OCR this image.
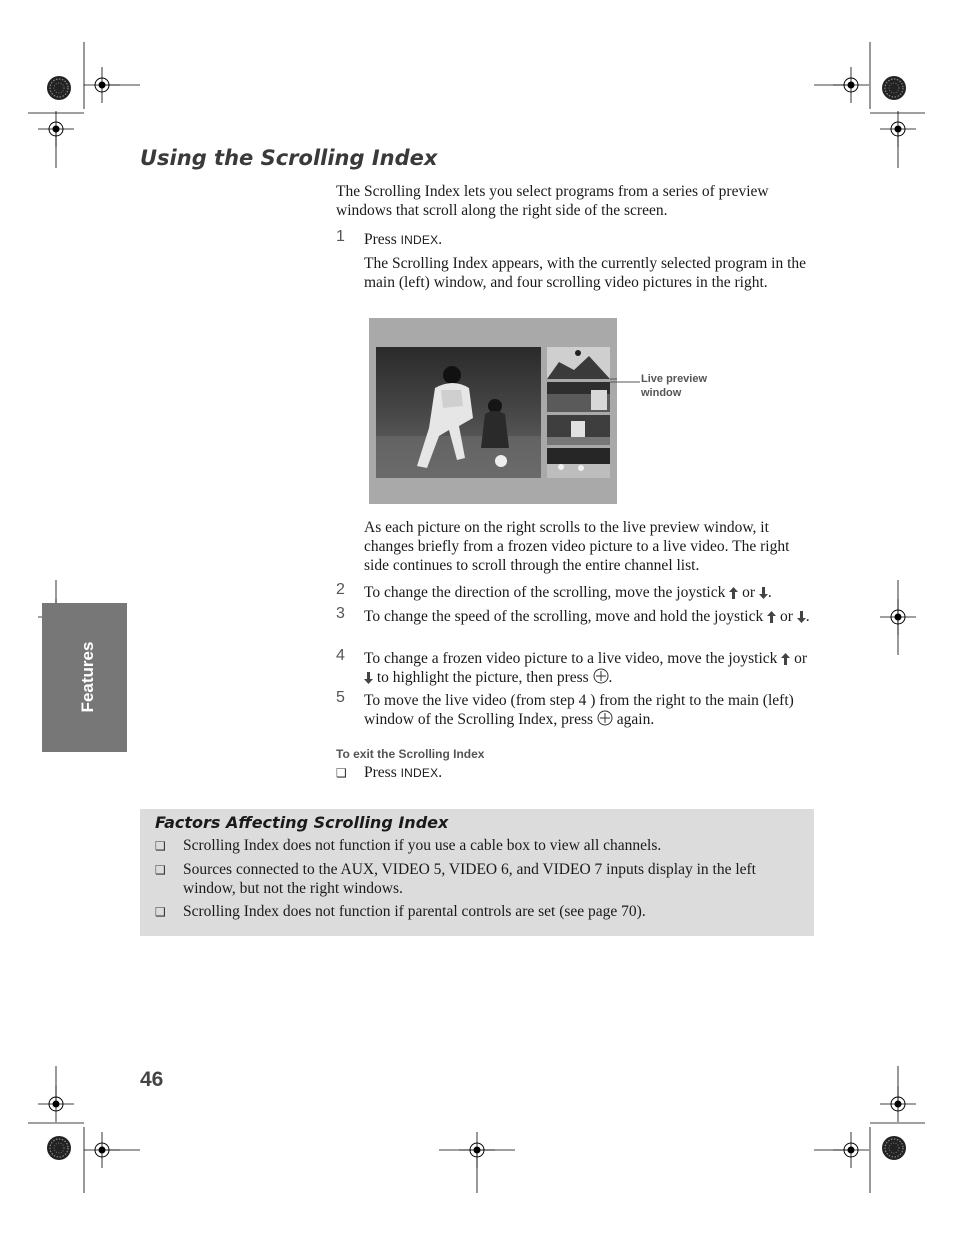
Using the Scrolling Index
The Scrolling Index lets you select programs from a series of preview windows that scroll along the right side of the screen.
1 Press INDEX.
The Scrolling Index appears, with the currently selected program in the main (left) window, and four scrolling video pictures in the right.
Live preview
window
As each picture on the right scrolls to the live preview window, it changes briefly from a frozen video picture to a live video. The right side continues to scroll through the entire channel list.
2 To change the direction of the scrolling, move the joystick or .
3 To change the speed of the scrolling, move and hold the joystick or .
4 To change a frozen video picture to a live video, move the joystick or  to highlight the picture, then press .
5 To move the live video (from step 4 ) from the right to the main (left) window of the Scrolling Index, press again.
To exit the Scrolling Index
❑ Press INDEX.
Factors Affecting Scrolling Index
❑ Scrolling Index does not function if you use a cable box to view all channels.
❑ Sources connected to the AUX, VIDEO 5, VIDEO 6, and VIDEO 7 inputs display in the left window, but not the right windows.
❑ Scrolling Index does not function if parental controls are set (see page 70).
Features
46
